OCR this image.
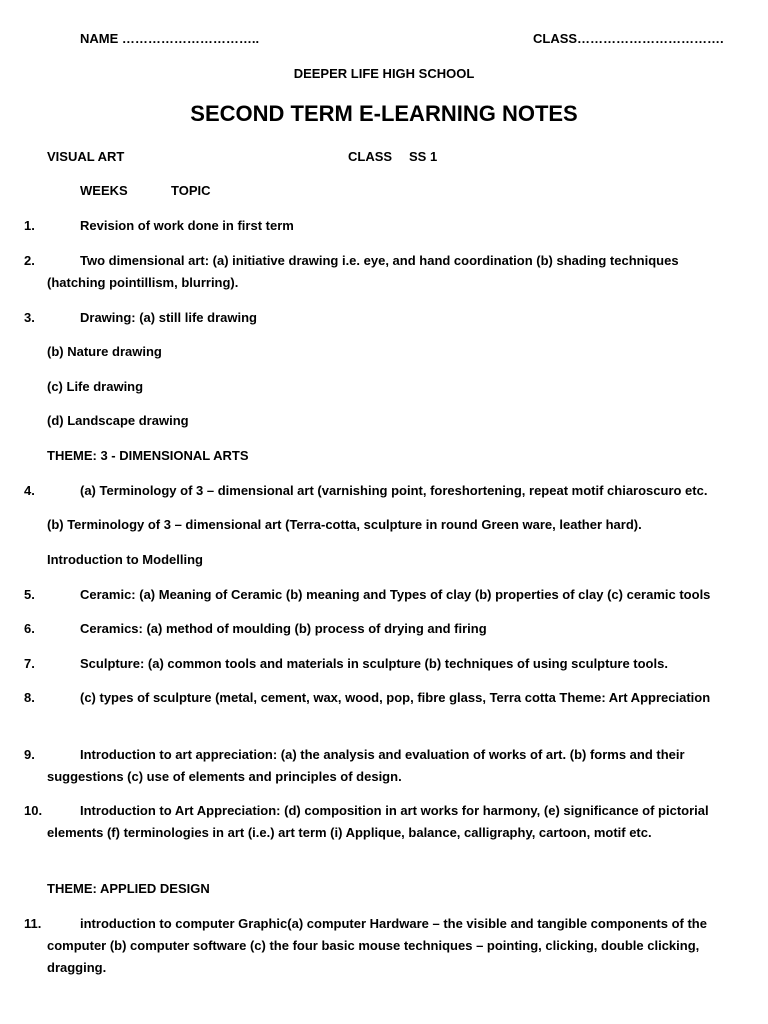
NAME …………………………..	CLASS…………………………….
DEEPER LIFE HIGH SCHOOL
SECOND TERM E-LEARNING NOTES
VISUAL ART	CLASS SS 1
WEEKS	TOPIC
1.	Revision of work done in first term
2.	Two dimensional art: (a) initiative drawing i.e. eye, and hand coordination (b) shading techniques (hatching pointillism, blurring).
3.	Drawing: (a) still life drawing
(b) Nature drawing
(c) Life drawing
(d) Landscape drawing
THEME: 3 - DIMENSIONAL ARTS
4.	(a) Terminology of 3 – dimensional art (varnishing point, foreshortening, repeat motif chiaroscuro etc.
(b) Terminology of 3 – dimensional art (Terra-cotta, sculpture in round Green ware, leather hard).
Introduction to Modelling
5.	Ceramic: (a) Meaning of Ceramic (b) meaning and Types of clay (b) properties of clay (c) ceramic tools
6.	Ceramics: (a) method of moulding (b) process of drying and firing
7.	Sculpture: (a) common tools and materials in sculpture (b) techniques of using sculpture tools.
8.	(c) types of sculpture (metal, cement, wax, wood, pop, fibre glass, Terra cotta Theme: Art Appreciation
9.	Introduction to art appreciation: (a) the analysis and evaluation of works of art. (b) forms and their suggestions (c) use of elements and principles of design.
10.	Introduction to Art Appreciation: (d) composition in art works for harmony, (e) significance of pictorial elements (f) terminologies in art (i.e.) art term (i) Applique, balance, calligraphy, cartoon, motif etc.
THEME: APPLIED DESIGN
11.	introduction to computer Graphic(a) computer Hardware – the visible and tangible components of the computer (b) computer software (c) the four basic mouse techniques – pointing, clicking, double clicking, dragging.
